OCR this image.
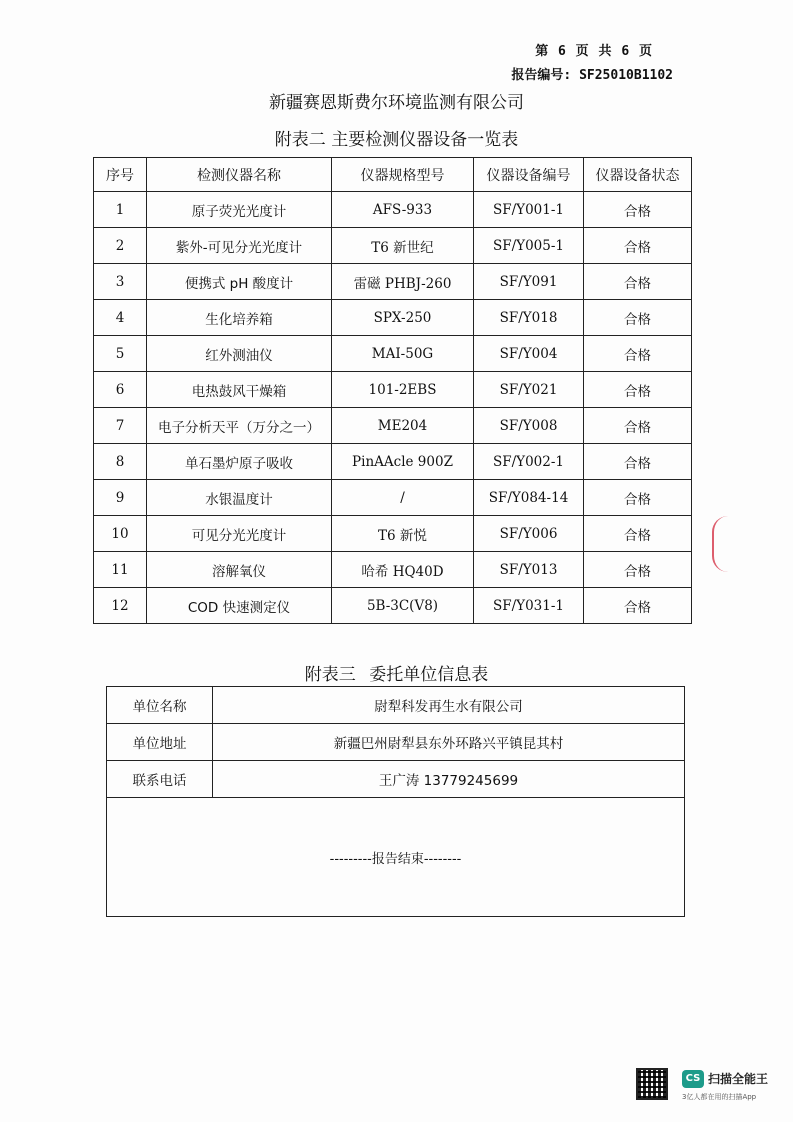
第 6 页 共 6 页
报告编号: SF25010B1102
新疆赛恩斯费尔环境监测有限公司
附表二 主要检测仪器设备一览表
序号	检测仪器名称	仪器规格型号	仪器设备编号	仪器设备状态
1	原子荧光光度计	AFS-933	SF/Y001-1	合格
2	紫外-可见分光光度计	T6 新世纪	SF/Y005-1	合格
3	便携式 pH 酸度计	雷磁 PHBJ-260	SF/Y091	合格
4	生化培养箱	SPX-250	SF/Y018	合格
5	红外测油仪	MAI-50G	SF/Y004	合格
6	电热鼓风干燥箱	101-2EBS	SF/Y021	合格
7	电子分析天平（万分之一）	ME204	SF/Y008	合格
8	单石墨炉原子吸收	PinAAcle 900Z	SF/Y002-1	合格
9	水银温度计	/	SF/Y084-14	合格
10	可见分光光度计	T6 新悦	SF/Y006	合格
11	溶解氧仪	哈希 HQ40D	SF/Y013	合格
12	COD 快速测定仪	5B-3C(V8)	SF/Y031-1	合格
附表三 委托单位信息表
单位名称	尉犁科发再生水有限公司
单位地址	新疆巴州尉犁县东外环路兴平镇昆其村
联系电话	王广涛 13779245699
---------报告结束--------	
CS 扫描全能王
3亿人都在用的扫描App
